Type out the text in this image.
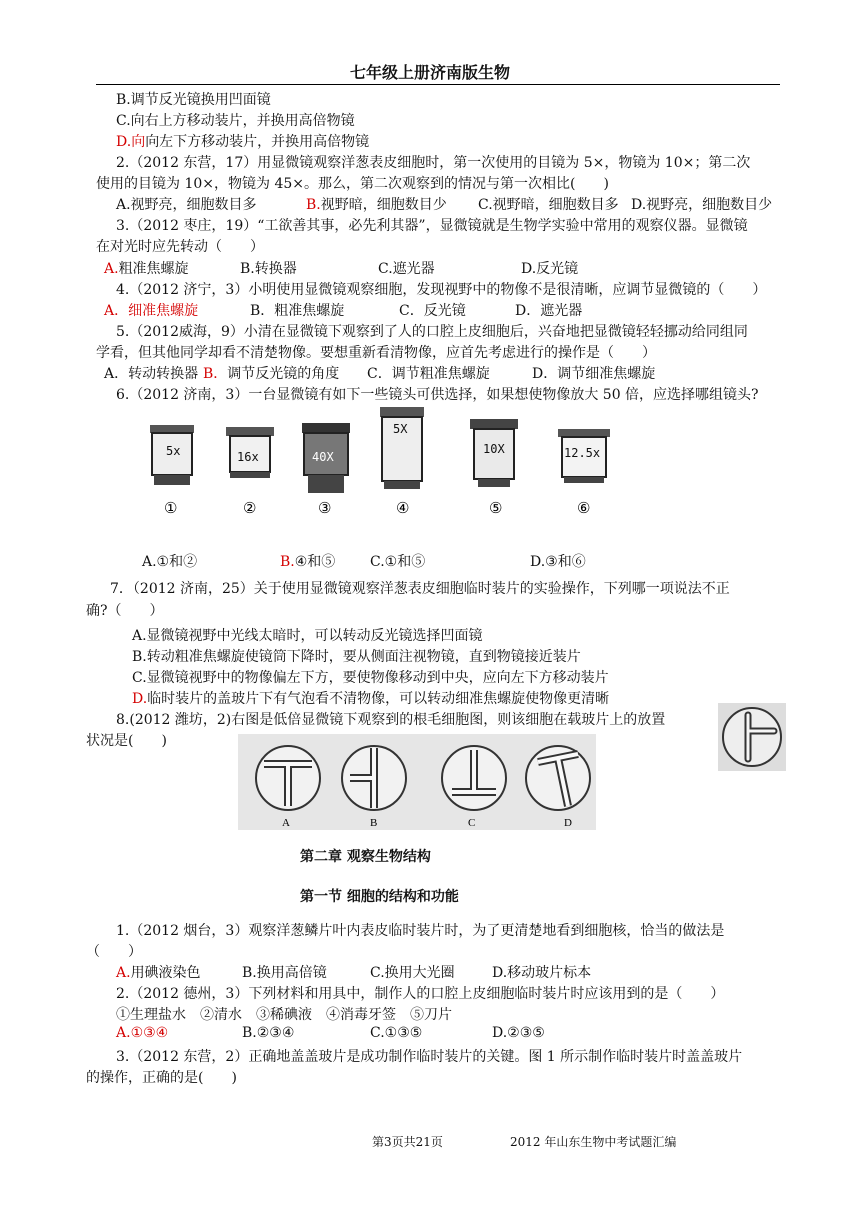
七年级上册济南版生物
B.调节反光镜换用凹面镜
C.向右上方移动装片，并换用高倍物镜
D.向向左下方移动装片，并换用高倍物镜
2.（2012 东营，17）用显微镜观察洋葱表皮细胞时，第一次使用的目镜为 5×，物镜为 10×；第二次
使用的目镜为 10×，物镜为 45×。那么，第二次观察到的情况与第一次相比(　　)
A.视野亮，细胞数目多	B.视野暗，细胞数目少 C.视野暗，细胞数目多 D.视野亮，细胞数目少
3.（2012 枣庄，19）“工欲善其事，必先利其器”，显微镜就是生物学实验中常用的观察仪器。显微镜
在对光时应先转动（　　）
A.粗准焦螺旋	B.转换器	C.遮光器	D.反光镜
4.（2012 济宁，3）小明使用显微镜观察细胞，发现视野中的物像不是很清晰，应调节显微镜的（　　）
A．细准焦螺旋	B．粗准焦螺旋	C．反光镜	D．遮光器
5.（2012威海，9）小清在显微镜下观察到了人的口腔上皮细胞后，兴奋地把显微镜轻轻挪动给同组同
学看，但其他同学却看不清楚物像。要想重新看清物像，应首先考虑进行的操作是（　　）
A．转动转换器 B．调节反光镜的角度 C．调节粗准焦螺旋	D．调节细准焦螺旋
6.（2012 济南，3）一台显微镜有如下一些镜头可供选择，如果想使物像放大 50 倍，应选择哪组镜头?
5x
①
16x
②
40X
③
5X
④
10X
⑤
12.5x
⑥
A.①和②	B.④和⑤ C.①和⑤	D.③和⑥
7．（2012 济南，25）关于使用显微镜观察洋葱表皮细胞临时装片的实验操作，下列哪一项说法不正
确?（　　）
A.显微镜视野中光线太暗时，可以转动反光镜选择凹面镜
B.转动粗准焦螺旋使镜筒下降时，要从侧面注视物镜，直到物镜接近装片
C.显微镜视野中的物像偏左下方，要使物像移动到中央，应向左下方移动装片
D.临时装片的盖玻片下有气泡看不清物像，可以转动细准焦螺旋使物像更清晰
8.(2012 潍坊，2)右图是低倍显微镜下观察到的根毛细胞图，则该细胞在载玻片上的放置
状况是(　　)
A	B	C	D
第二章 观察生物结构
第一节 细胞的结构和功能
1.（2012 烟台，3）观察洋葱鳞片叶内表皮临时装片时，为了更清楚地看到细胞核，恰当的做法是
（　　）
A.用碘液染色	B.换用高倍镜	C.换用大光圈	D.移动玻片标本
2.（2012 德州，3）下列材料和用具中，制作人的口腔上皮细胞临时装片时应该用到的是（　　）
①生理盐水　②清水　③稀碘液　④消毒牙签　⑤刀片
A.①③④	B.②③④	C.①③⑤	D.②③⑤
3.（2012 东营，2）正确地盖盖玻片是成功制作临时装片的关键。图 1 所示制作临时装片时盖盖玻片
的操作，正确的是(　　)
第3页共21页	2012 年山东生物中考试题汇编
